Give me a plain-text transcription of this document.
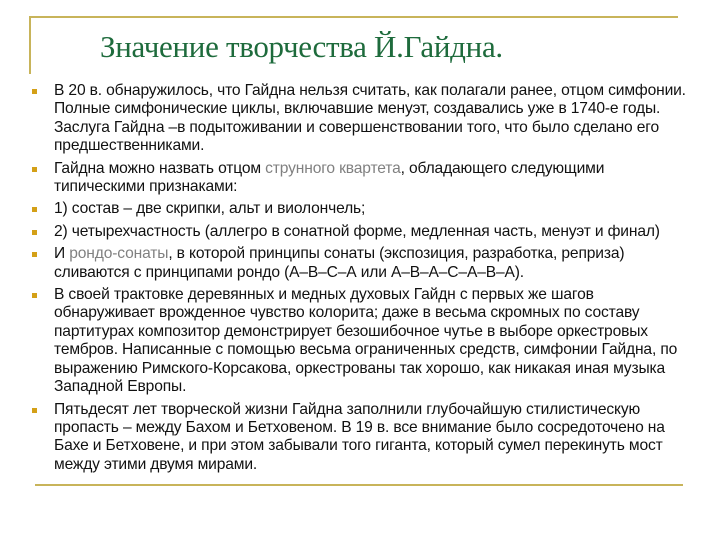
Значение творчества Й.Гайдна.
В 20 в. обнаружилось, что Гайдна нельзя считать, как полагали ранее, отцом симфонии. Полные симфонические циклы, включавшие менуэт, создавались уже в 1740-е годы. Заслуга Гайдна –в подытоживании и совершенствовании того, что было сделано его предшественниками.
Гайдна можно назвать отцом струнного квартета, обладающего следующими типическими признаками:
1) состав – две скрипки, альт и виолончель;
2) четырехчастность (аллегро в сонатной форме, медленная часть, менуэт и финал)
И рондо-сонаты, в которой принципы сонаты (экспозиция, разработка, реприза) сливаются с принципами рондо (А–В–С–А или А–В–А–С–А–В–А).
В своей трактовке деревянных и медных духовых Гайдн с первых же шагов обнаруживает врожденное чувство колорита; даже в весьма скромных по составу партитурах композитор демонстрирует безошибочное чутье в выборе оркестровых тембров. Написанные с помощью весьма ограниченных средств, симфонии Гайдна, по выражению Римского-Корсакова, оркестрованы так хорошо, как никакая иная музыка Западной Европы.
Пятьдесят лет творческой жизни Гайдна заполнили глубочайшую стилистическую пропасть – между Бахом и Бетховеном. В 19 в. все внимание было сосредоточено на Бахе и Бетховене, и при этом забывали того гиганта, который сумел перекинуть мост между этими двумя мирами.
